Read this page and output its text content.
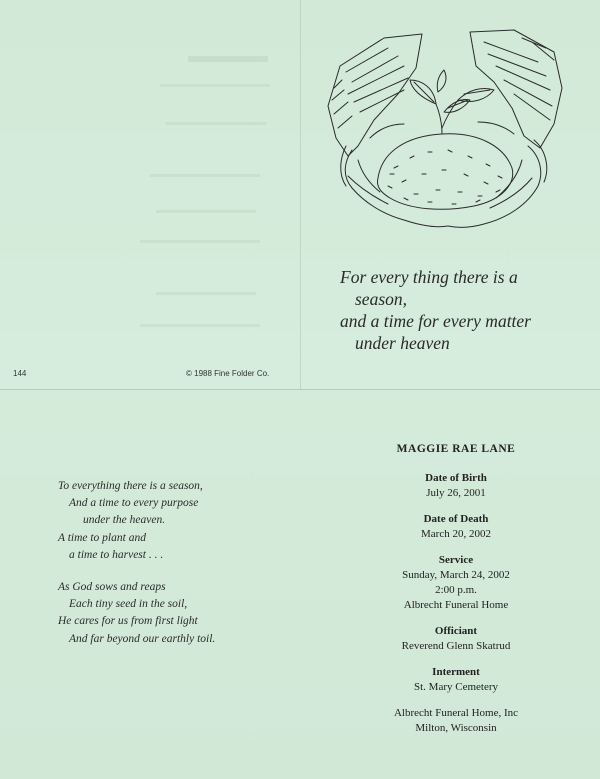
For every thing there is a
season,
and a time for every matter
under heaven
144	© 1988 Fine Folder Co.
To everything there is a season,
And a time to every purpose
under the heaven.
A time to plant and
a time to harvest . . .
As God sows and reaps
Each tiny seed in the soil,
He cares for us from first light
And far beyond our earthly toil.
MAGGIE RAE LANE
Date of Birth
July 26, 2001
Date of Death
March 20, 2002
Service
Sunday, March 24, 2002
2:00 p.m.
Albrecht Funeral Home
Officiant
Reverend Glenn Skatrud
Interment
St. Mary Cemetery
Albrecht Funeral Home, Inc
Milton, Wisconsin
